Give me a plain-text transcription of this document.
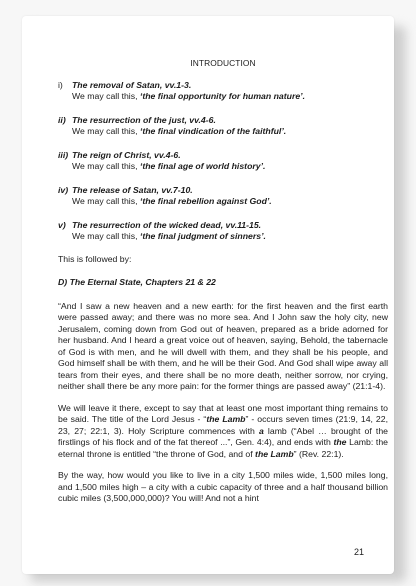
INTRODUCTION
i)	The removal of Satan, vv.1-3.
We may call this, ‘the final opportunity for human nature’.
ii) The resurrection of the just, vv.4-6.
We may call this, ‘the final vindication of the faithful’.
iii) The reign of Christ, vv.4-6.
We may call this, ‘the final age of world history’.
iv) The release of Satan, vv.7-10.
We may call this, ‘the final rebellion against God’.
v) The resurrection of the wicked dead, vv.11-15.
We may call this, ‘the final judgment of sinners’.
This is followed by:
D) The Eternal State, Chapters 21 & 22

“And I saw a new heaven and a new earth: for the first heaven and the first earth were passed away; and there was no more sea. And I John saw the holy city, new Jerusalem, coming down from God out of heaven, prepared as a bride adorned for her husband. And I heard a great voice out of heaven, saying, Behold, the tabernacle of God is with men, and he will dwell with them, and they shall be his people, and God himself shall be with them, and he will be their God. And God shall wipe away all tears from their eyes, and there shall be no more death, neither sorrow, nor crying, neither shall there be any more pain: for the former things are passed away” (21:1-4).

We will leave it there, except to say that at least one most important thing remains to be said. The title of the Lord Jesus - “the Lamb” - occurs seven times (21:9, 14, 22, 23, 27; 22:1, 3). Holy Scripture commences with a lamb (“Abel … brought of the firstlings of his flock and of the fat thereof ...”, Gen. 4:4), and ends with the Lamb: the eternal throne is entitled “the throne of God, and of the Lamb” (Rev. 22:1).

By the way, how would you like to live in a city 1,500 miles wide, 1,500 miles long, and 1,500 miles high – a city with a cubic capacity of three and a half thousand billion cubic miles (3,500,000,000)? You will! And not a hint

21
